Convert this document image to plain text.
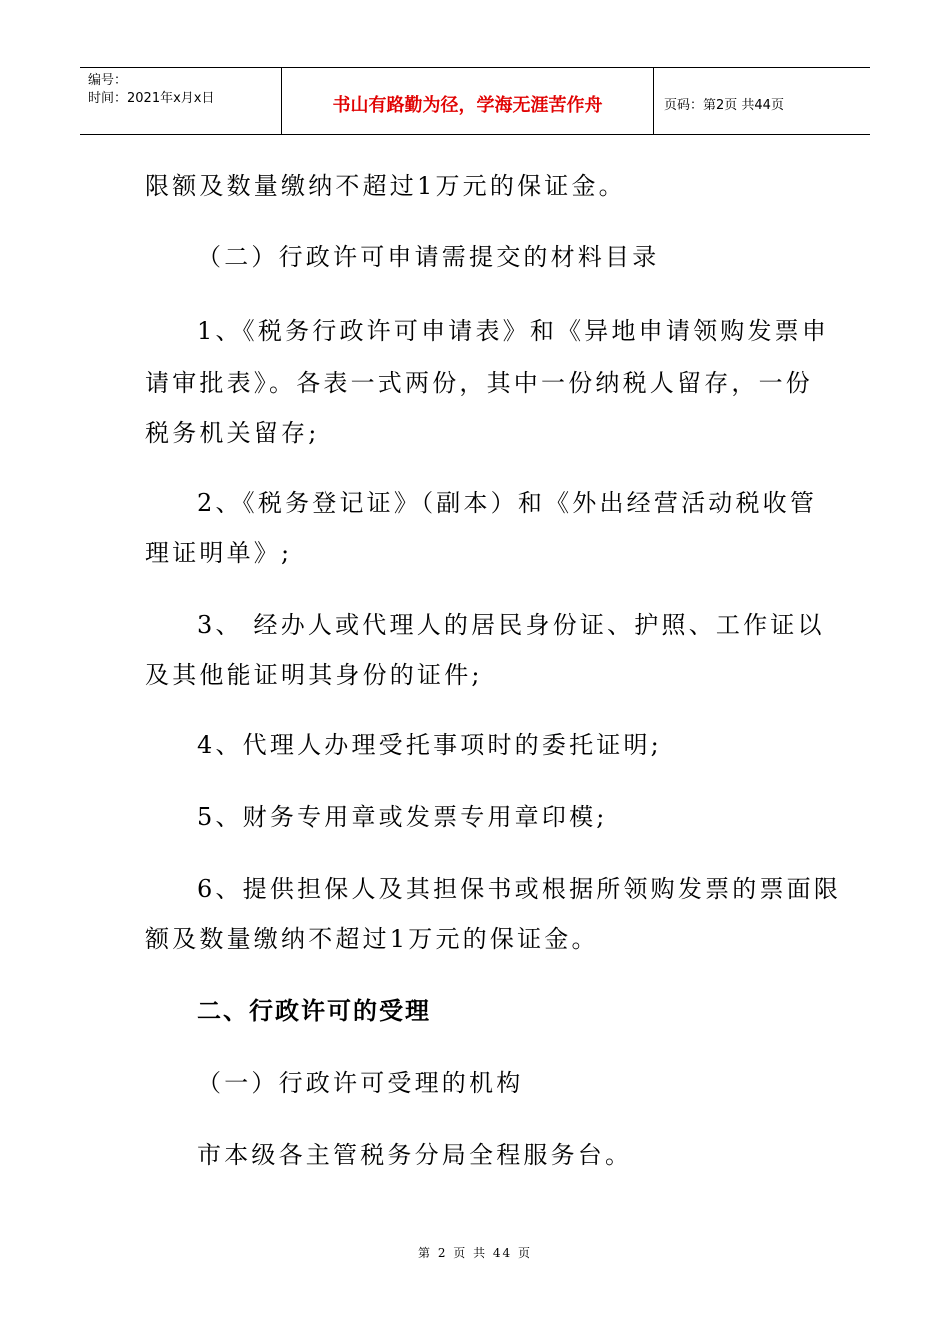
编号：
时间：2021年x月x日	书山有路勤为径，学海无涯苦作舟	页码：第2页 共44页

限额及数量缴纳不超过1万元的保证金。

（二）行政许可申请需提交的材料目录

1、《税务行政许可申请表》和《异地申请领购发票申

请审批表》。各表一式两份，其中一份纳税人留存，一份

税务机关留存;

2、《税务登记证》（副本）和《外出经营活动税收管

理证明单》;

3、 经办人或代理人的居民身份证、护照、工作证以

及其他能证明其身份的证件;

4、代理人办理受托事项时的委托证明;

5、财务专用章或发票专用章印模;

6、提供担保人及其担保书或根据所领购发票的票面限

额及数量缴纳不超过1万元的保证金。

二、行政许可的受理

（一）行政许可受理的机构

市本级各主管税务分局全程服务台。

第 2 页 共 44 页
